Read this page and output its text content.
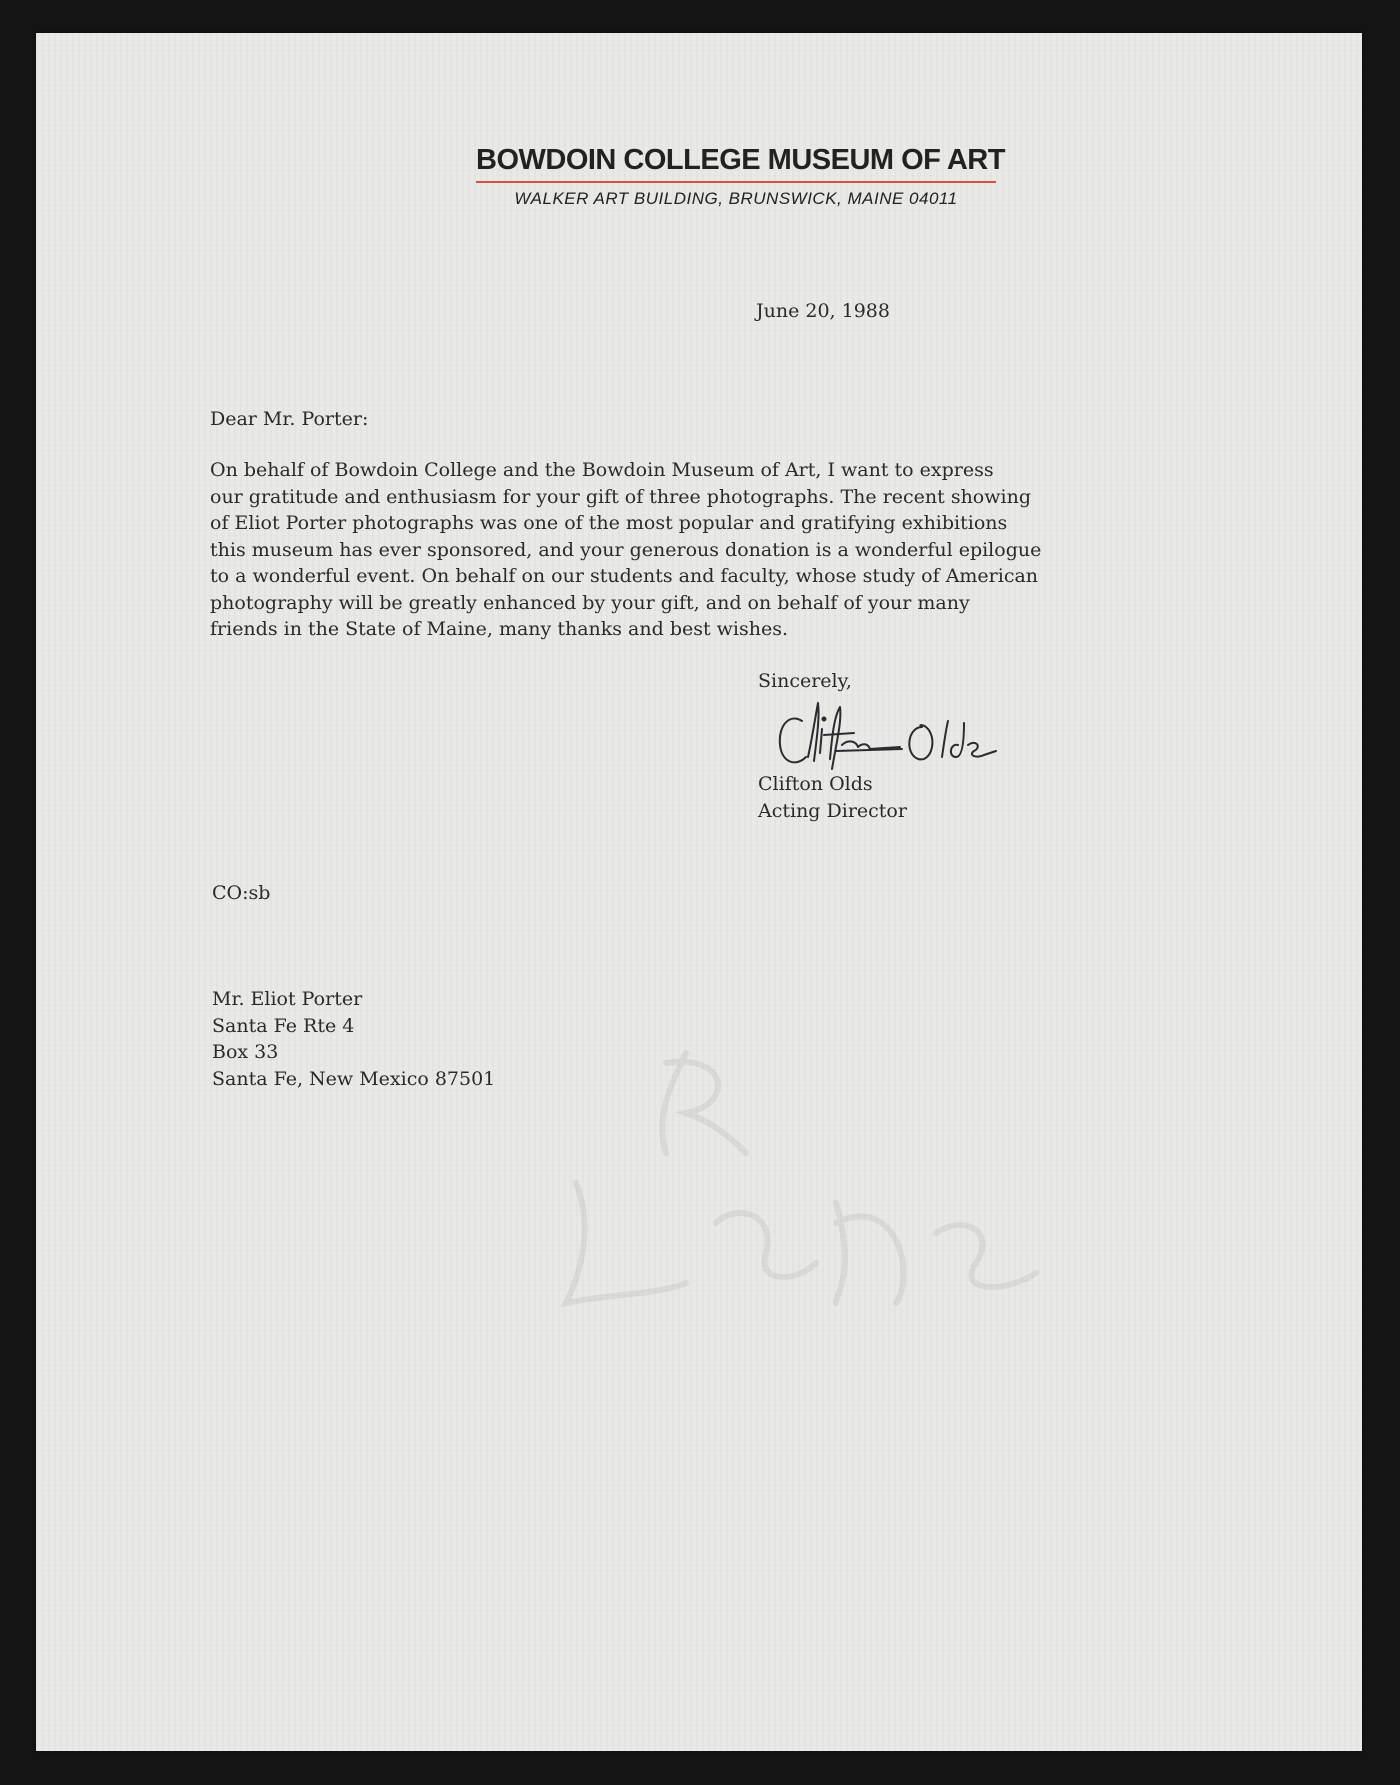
BOWDOIN COLLEGE MUSEUM OF ART
WALKER ART BUILDING, BRUNSWICK, MAINE 04011
June 20, 1988
Dear Mr. Porter:
On behalf of Bowdoin College and the Bowdoin Museum of Art, I want to express
our gratitude and enthusiasm for your gift of three photographs. The recent showing
of Eliot Porter photographs was one of the most popular and gratifying exhibitions
this museum has ever sponsored, and your generous donation is a wonderful epilogue
to a wonderful event. On behalf on our students and faculty, whose study of American
photography will be greatly enhanced by your gift, and on behalf of your many
friends in the State of Maine, many thanks and best wishes.
Sincerely,
Clifton Olds
Acting Director
CO:sb
Mr. Eliot Porter
Santa Fe Rte 4
Box 33
Santa Fe, New Mexico 87501
